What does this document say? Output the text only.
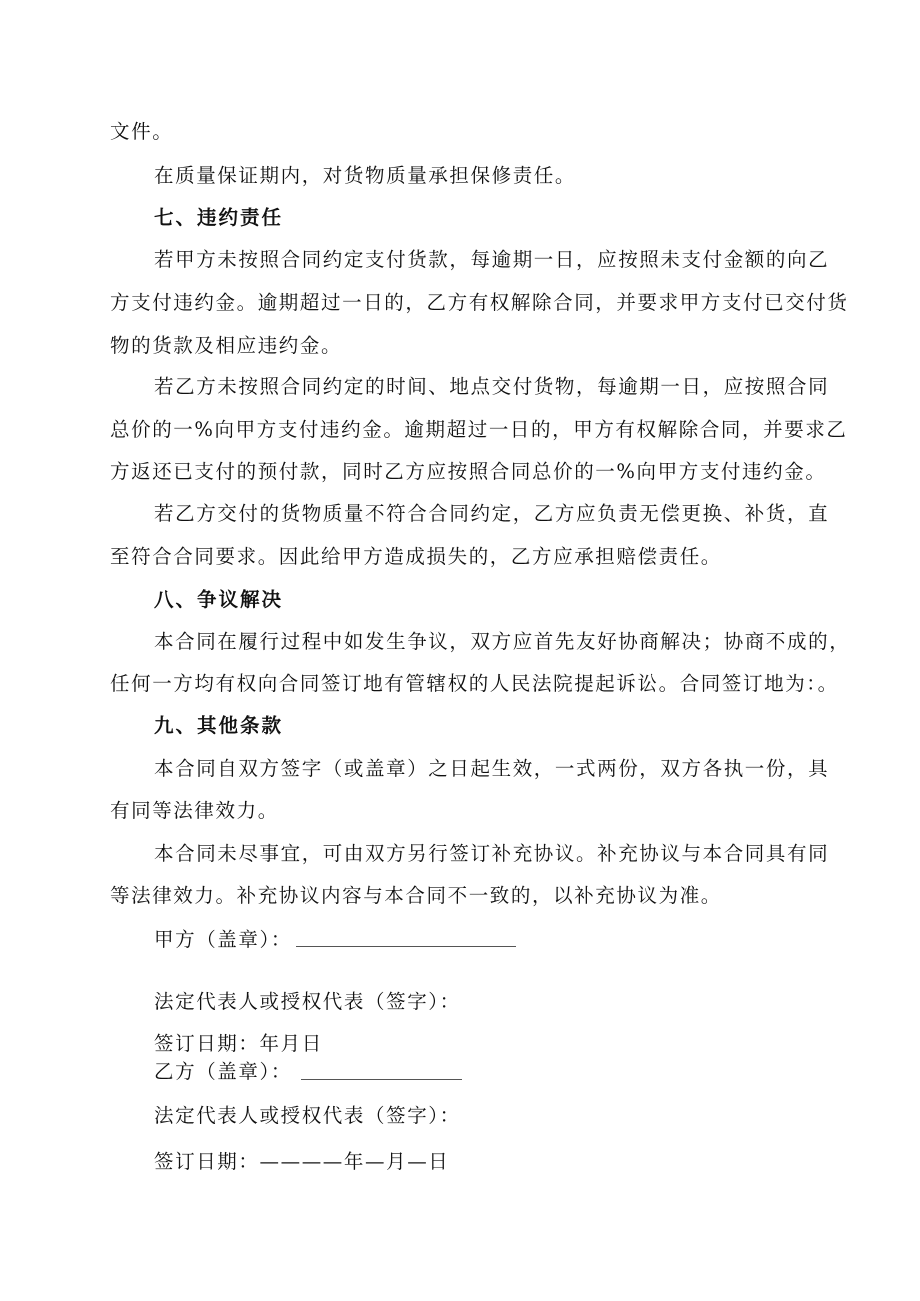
文件。
在质量保证期内，对货物质量承担保修责任。
七、违约责任
若甲方未按照合同约定支付货款，每逾期一日，应按照未支付金额的向乙
方支付违约金。逾期超过一日的，乙方有权解除合同，并要求甲方支付已交付货
物的货款及相应违约金。
若乙方未按照合同约定的时间、地点交付货物，每逾期一日，应按照合同
总价的一%向甲方支付违约金。逾期超过一日的，甲方有权解除合同，并要求乙
方返还已支付的预付款，同时乙方应按照合同总价的一%向甲方支付违约金。
若乙方交付的货物质量不符合合同约定，乙方应负责无偿更换、补货，直
至符合合同要求。因此给甲方造成损失的，乙方应承担赔偿责任。
八、争议解决
本合同在履行过程中如发生争议，双方应首先友好协商解决；协商不成的，
任何一方均有权向合同签订地有管辖权的人民法院提起诉讼。合同签订地为：。
九、其他条款
本合同自双方签字（或盖章）之日起生效，一式两份，双方各执一份，具
有同等法律效力。
本合同未尽事宜，可由双方另行签订补充协议。补充协议与本合同具有同
等法律效力。补充协议内容与本合同不一致的，以补充协议为准。
甲方（盖章）：
法定代表人或授权代表（签字）：
签订日期：年月日
乙方（盖章）：
法定代表人或授权代表（签字）：
签订日期：————年—月—日
